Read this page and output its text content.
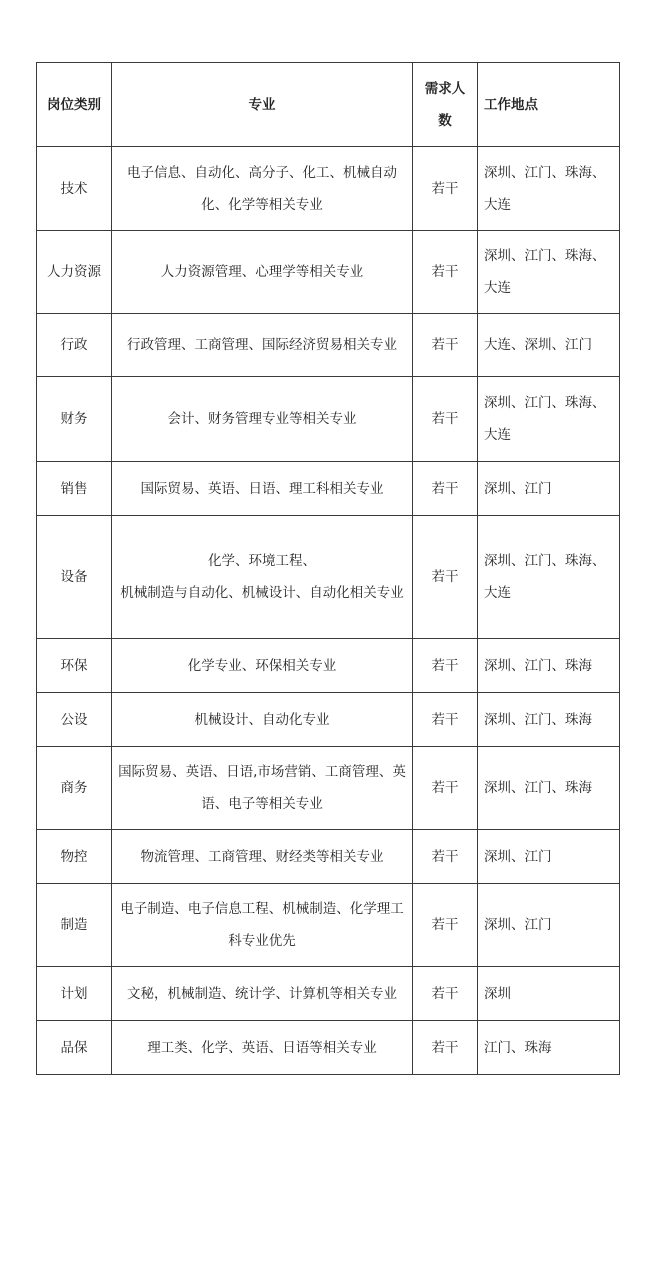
岗位类别	专业	需求人数	工作地点
技术	电子信息、自动化、高分子、化工、机械自动化、化学等相关专业	若干	深圳、江门、珠海、大连
人力资源	人力资源管理、心理学等相关专业	若干	深圳、江门、珠海、大连
行政	行政管理、工商管理、国际经济贸易相关专业	若干	大连、深圳、江门
财务	会计、财务管理专业等相关专业	若干	深圳、江门、珠海、大连
销售	国际贸易、英语、日语、理工科相关专业	若干	深圳、江门
设备	化学、环境工程、
机械制造与自动化、机械设计、自动化相关专业	若干	深圳、江门、珠海、大连
环保	化学专业、环保相关专业	若干	深圳、江门、珠海
公设	机械设计、自动化专业	若干	深圳、江门、珠海
商务	国际贸易、英语、日语,市场营销、工商管理、英语、电子等相关专业	若干	深圳、江门、珠海
物控	物流管理、工商管理、财经类等相关专业	若干	深圳、江门
制造	电子制造、电子信息工程、机械制造、化学理工科专业优先	若干	深圳、江门
计划	文秘，机械制造、统计学、计算机等相关专业	若干	深圳
品保	理工类、化学、英语、日语等相关专业	若干	江门、珠海
